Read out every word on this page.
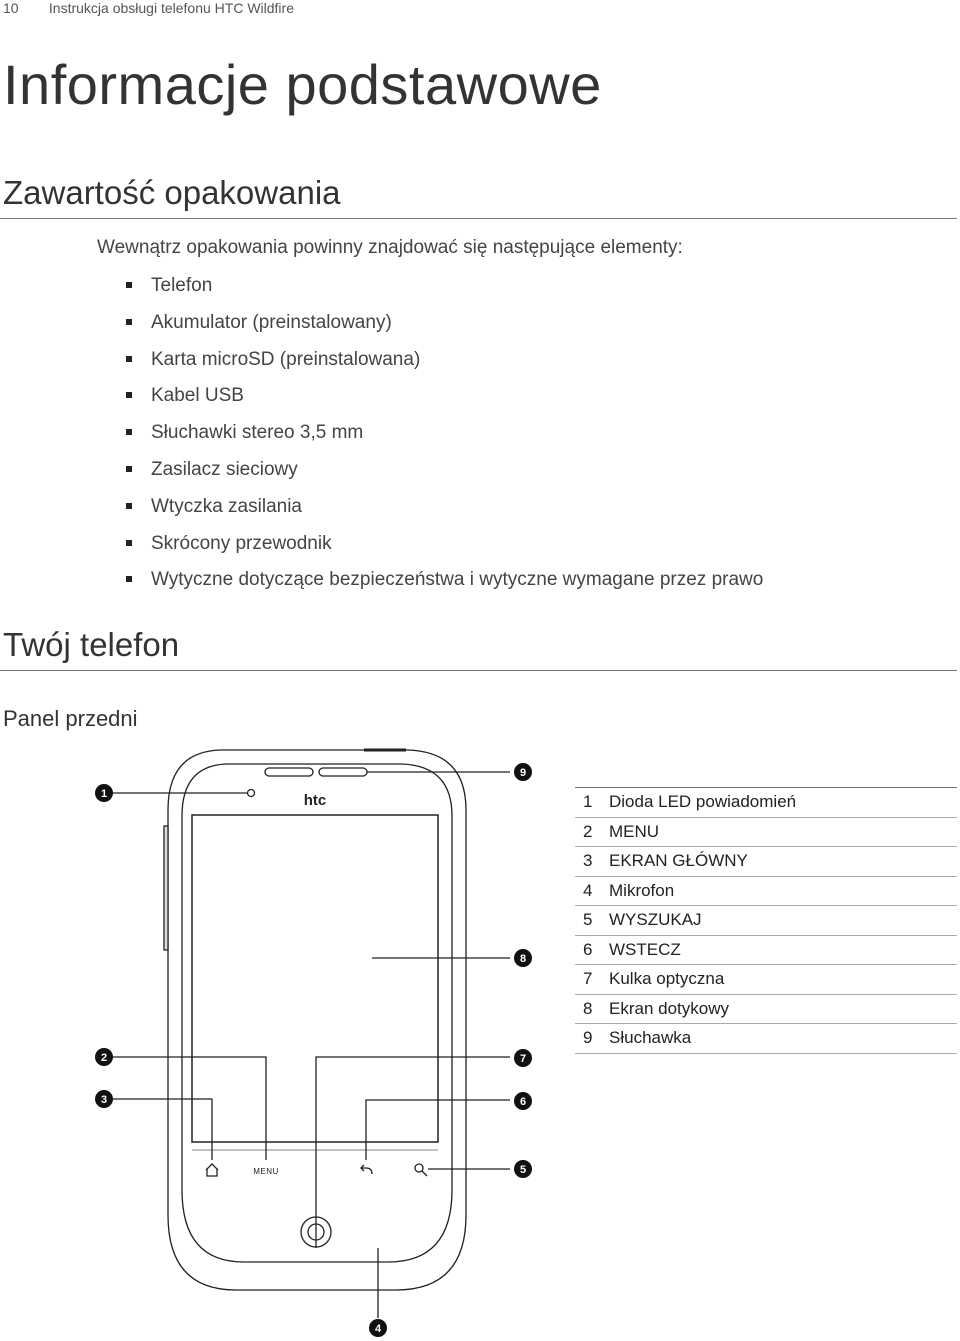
10 Instrukcja obsługi telefonu HTC Wildfire
Informacje podstawowe
Zawartość opakowania
Wewnątrz opakowania powinny znajdować się następujące elementy:
Telefon
Akumulator (preinstalowany)
Karta microSD (preinstalowana)
Kabel USB
Słuchawki stereo 3,5 mm
Zasilacz sieciowy
Wtyczka zasilania
Skrócony przewodnik
Wytyczne dotyczące bezpieczeństwa i wytyczne wymagane przez prawo
Twój telefon
Panel przedni
htc
MENU
1
2
3
4
5
6
7
8
9
1 Dioda LED powiadomień
2 MENU
3 EKRAN GŁÓWNY
4 Mikrofon
5 WYSZUKAJ
6 WSTECZ
7 Kulka optyczna
8 Ekran dotykowy
9 Słuchawka
